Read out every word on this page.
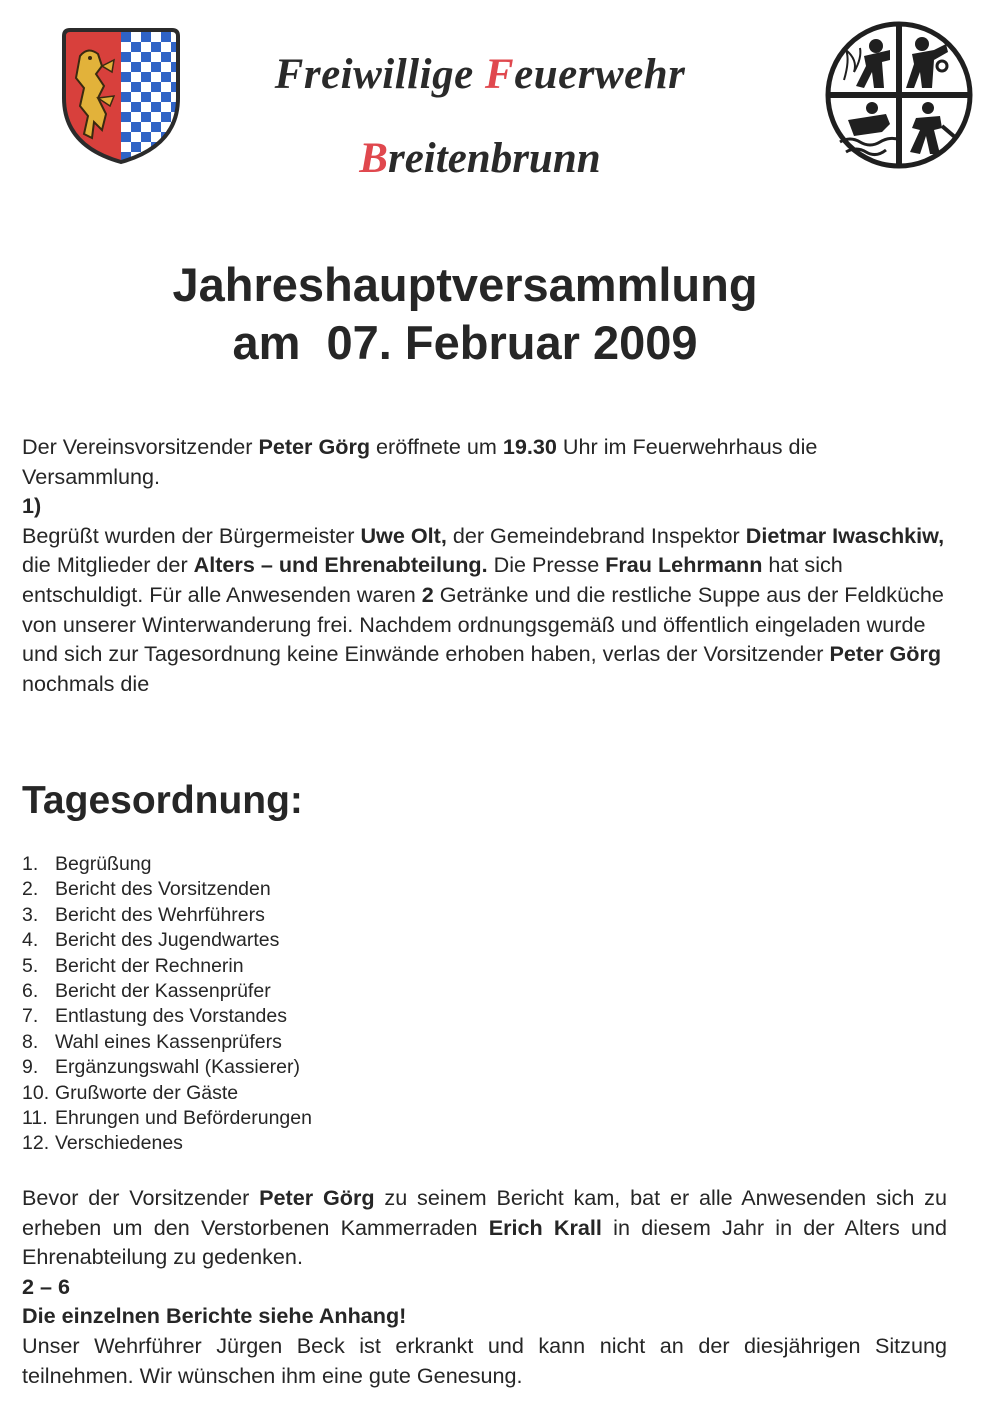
Freiwillige Feuerwehr
Breitenbrunn
Jahreshauptversammlung
am  07. Februar 2009
Der Vereinsvorsitzender Peter Görg eröffnete um 19.30 Uhr im Feuerwehrhaus die Versammlung.
1)
Begrüßt wurden der Bürgermeister Uwe Olt, der Gemeindebrand Inspektor Dietmar Iwaschkiw, die Mitglieder der Alters – und Ehrenabteilung. Die Presse Frau Lehrmann hat sich entschuldigt. Für alle Anwesenden waren 2 Getränke und die restliche Suppe aus der Feldküche von unserer Winterwanderung frei. Nachdem ordnungsgemäß und öffentlich eingeladen wurde und sich zur Tagesordnung keine Einwände erhoben haben, verlas der Vorsitzender Peter Görg nochmals die
Tagesordnung:
1. Begrüßung
2. Bericht des Vorsitzenden
3. Bericht des Wehrführers
4. Bericht des Jugendwartes
5. Bericht der Rechnerin
6. Bericht der Kassenprüfer
7. Entlastung des Vorstandes
8. Wahl eines Kassenprüfers
9. Ergänzungswahl (Kassierer)
10. Grußworte der Gäste
11. Ehrungen und Beförderungen
12. Verschiedenes
Bevor der Vorsitzender Peter Görg zu seinem Bericht kam, bat er alle Anwesenden sich zu erheben um den Verstorbenen Kammerraden Erich Krall in diesem Jahr in der Alters und Ehrenabteilung zu gedenken.
2 – 6
Die einzelnen Berichte siehe Anhang!
Unser Wehrführer Jürgen Beck ist erkrankt und kann nicht an der diesjährigen Sitzung teilnehmen. Wir wünschen ihm eine gute Genesung.
